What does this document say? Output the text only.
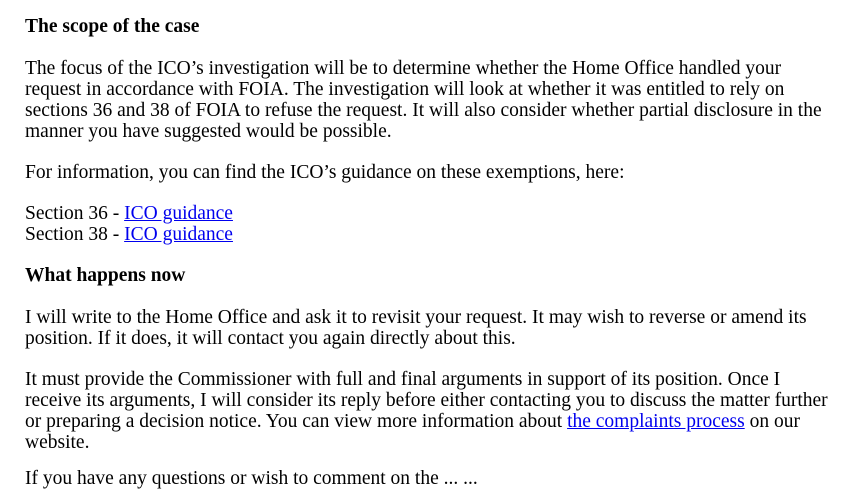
The scope of the case

The focus of the ICO’s investigation will be to determine whether the Home Office handled your request in accordance with FOIA. The investigation will look at whether it was entitled to rely on sections 36 and 38 of FOIA to refuse the request. It will also consider whether partial disclosure in the manner you have suggested would be possible.

For information, you can find the ICO’s guidance on these exemptions, here:

Section 36 - ICO guidance
Section 38 - ICO guidance

What happens now

I will write to the Home Office and ask it to revisit your request. It may wish to reverse or amend its position. If it does, it will contact you again directly about this.

It must provide the Commissioner with full and final arguments in support of its position. Once I receive its arguments, I will consider its reply before either contacting you to discuss the matter further or preparing a decision notice. You can view more information about the complaints process on our website.

If you have any questions or wish to comment on the ... ...
